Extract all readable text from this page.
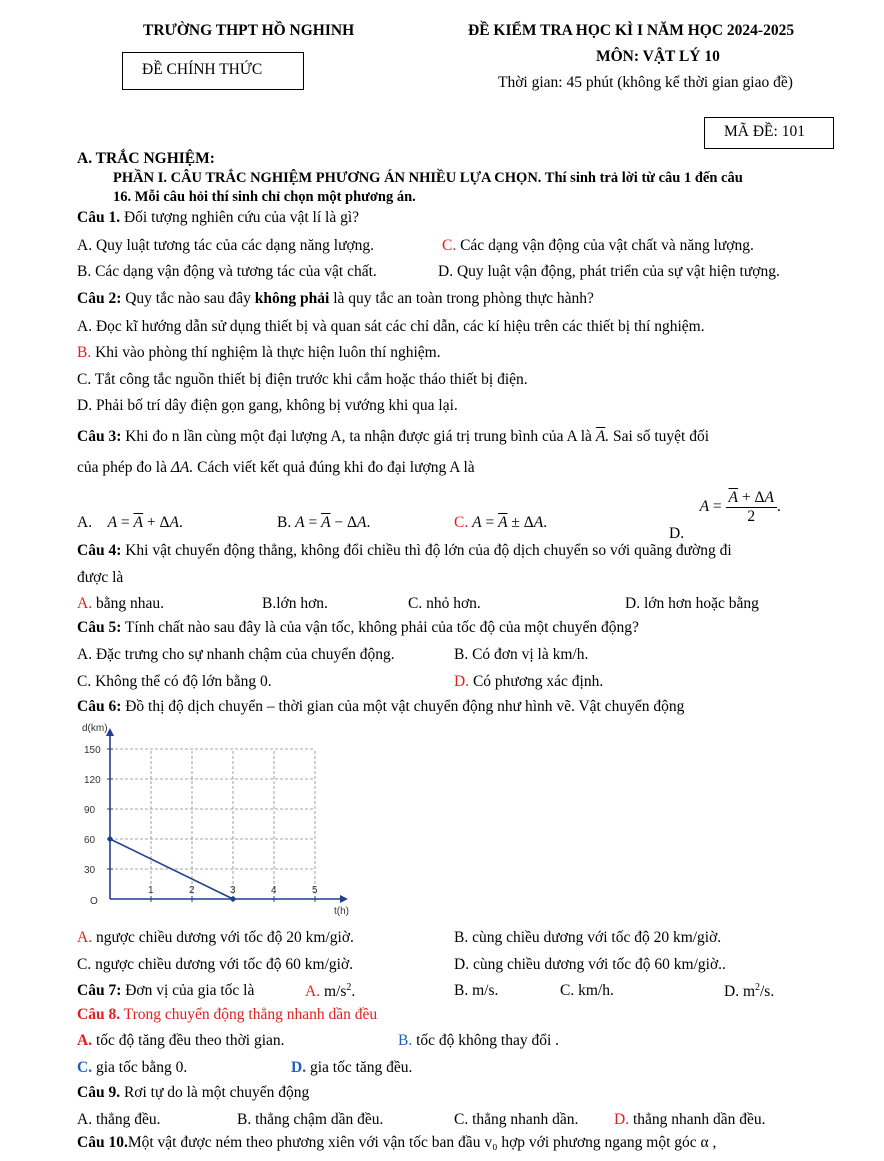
TRƯỜNG THPT HỒ NGHINH
ĐỀ CHÍNH THỨC
ĐỀ KIỂM TRA HỌC KÌ I NĂM HỌC 2024-2025
MÔN: VẬT LÝ 10
Thời gian: 45 phút (không kể thời gian giao đề)
MÃ ĐỀ: 101
A. TRẮC NGHIỆM:
PHẦN I. CÂU TRẮC NGHIỆM PHƯƠNG ÁN NHIỀU LỰA CHỌN. Thí sinh trả lời từ câu 1 đến câu
16. Mỗi câu hỏi thí sinh chỉ chọn một phương án.
Câu 1. Đối tượng nghiên cứu của vật lí là gì?
A. Quy luật tương tác của các dạng năng lượng.	C. Các dạng vận động của vật chất và năng lượng.
B. Các dạng vận động và tương tác của vật chất.	D. Quy luật vận động, phát triển của sự vật hiện tượng.
Câu 2: Quy tắc nào sau đây không phải là quy tắc an toàn trong phòng thực hành?
A. Đọc kĩ hướng dẫn sử dụng thiết bị và quan sát các chỉ dẫn, các kí hiệu trên các thiết bị thí nghiệm.
B. Khi vào phòng thí nghiệm là thực hiện luôn thí nghiệm.
C. Tắt công tắc nguồn thiết bị điện trước khi cắm hoặc tháo thiết bị điện.
D. Phải bố trí dây điện gọn gang, không bị vướng khi qua lại.
Câu 3: Khi đo n lần cùng một đại lượng A, ta nhận được giá trị trung bình của A là $\overline{A}$. Sai số tuyệt đối
của phép đo là ΔA. Cách viết kết quả đúng khi đo đại lượng A là
A. $A = \overline{A} + \Delta A$.	B. $A = \overline{A} - \Delta A$.	C. $A = \overline{A} \pm \Delta A$.
D.    $A = \frac{\overline{A} + \Delta A}{2}$ .
Câu 4: Khi vật chuyển động thẳng, không đổi chiều thì độ lớn của độ dịch chuyển so với quãng đường đi
được là
A. bằng nhau.	B.lớn hơn.	C. nhỏ hơn.	D. lớn hơn hoặc bằng
Câu 5: Tính chất nào sau đây là của vận tốc, không phải của tốc độ của một chuyển động?
A. Đặc trưng cho sự nhanh chậm của chuyển động.	B. Có đơn vị là km/h.
C. Không thể có độ lớn bằng 0.	D. Có phương xác định.
Câu 6: Đồ thị độ dịch chuyển – thời gian của một vật chuyển động như hình vẽ. Vật chuyển động
d(km)
t(h)
O
1	2	3	4	5
30
60
90
120
150
A. ngược chiều dương với tốc độ 20 km/giờ.	B. cùng chiều dương với tốc độ 20 km/giờ.
C. ngược chiều dương với tốc độ 60 km/giờ.	D. cùng chiều dương với tốc độ 60 km/giờ..
Câu 7: Đơn vị của gia tốc là	A. $m/s^2$.	B. m/s.	C. km/h.	D. $m^2/s$.
Câu 8. Trong chuyển động thẳng nhanh dần đều
A. tốc độ tăng đều theo thời gian.	B. tốc độ không thay đổi .
C. gia tốc bằng 0.	D. gia tốc tăng đều.
Câu 9. Rơi tự do là một chuyển động
A. thẳng đều.	B. thẳng chậm dần đều.	C. thẳng nhanh dần. D. thẳng nhanh dần đều.
Câu 10.Một vật được ném theo phương xiên với vận tốc ban đầu v₀ hợp với phương ngang một góc α ,
